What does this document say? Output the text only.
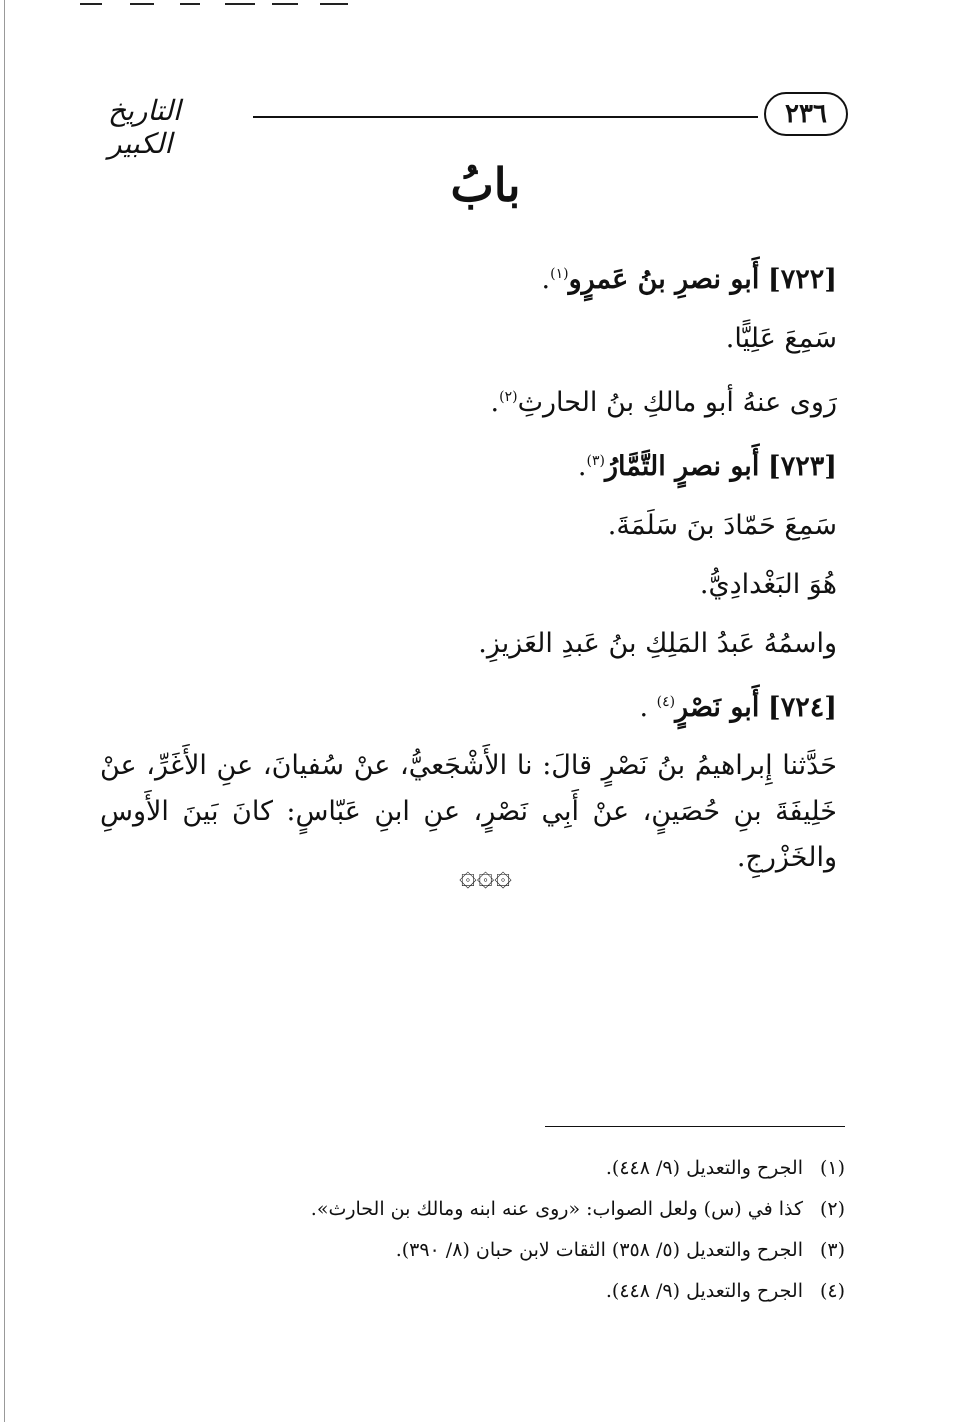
التاريخ الكبير
٢٣٦
بابُ
[٧٢٢] أَبو نصرِ بنُ عَمرٍو$^{(١)}$.
سَمِعَ عَلِيًّا.
رَوى عنهُ أبو مالكِ بنُ الحارثِ$^{(٢)}$.
[٧٢٣] أَبو نصرٍ التَّمَّارُ$^{(٣)}$.
سَمِعَ حَمّادَ بنَ سَلَمَةَ.
هُوَ البَغْدادِيُّ.
واسمُهُ عَبدُ المَلِكِ بنُ عَبدِ العَزيزِ.
[٧٢٤] أَبو نَصْرٍ$^{(٤)}$ .
حَدَّثنا إِبراهيمُ بنُ نَصْرٍ قالَ: نا الأَشْجَعيُّ، عنْ سُفيانَ، عنِ الأَغَرِّ، عنْ خَلِيفَةَ بنِ حُصَينٍ، عنْ أَبِي نَصْرٍ، عنِ ابنِ عَبّاسٍ: كانَ بَينَ الأَوسِ والخَزْرجِ.
۞۞۞
(١)الجرح والتعديل (٩/ ٤٤٨).
(٢)كذا في (س) ولعل الصواب: «روى عنه ابنه ومالك بن الحارث».
(٣)الجرح والتعديل (٥/ ٣٥٨) الثقات لابن حبان (٨/ ٣٩٠).
(٤)الجرح والتعديل (٩/ ٤٤٨).
